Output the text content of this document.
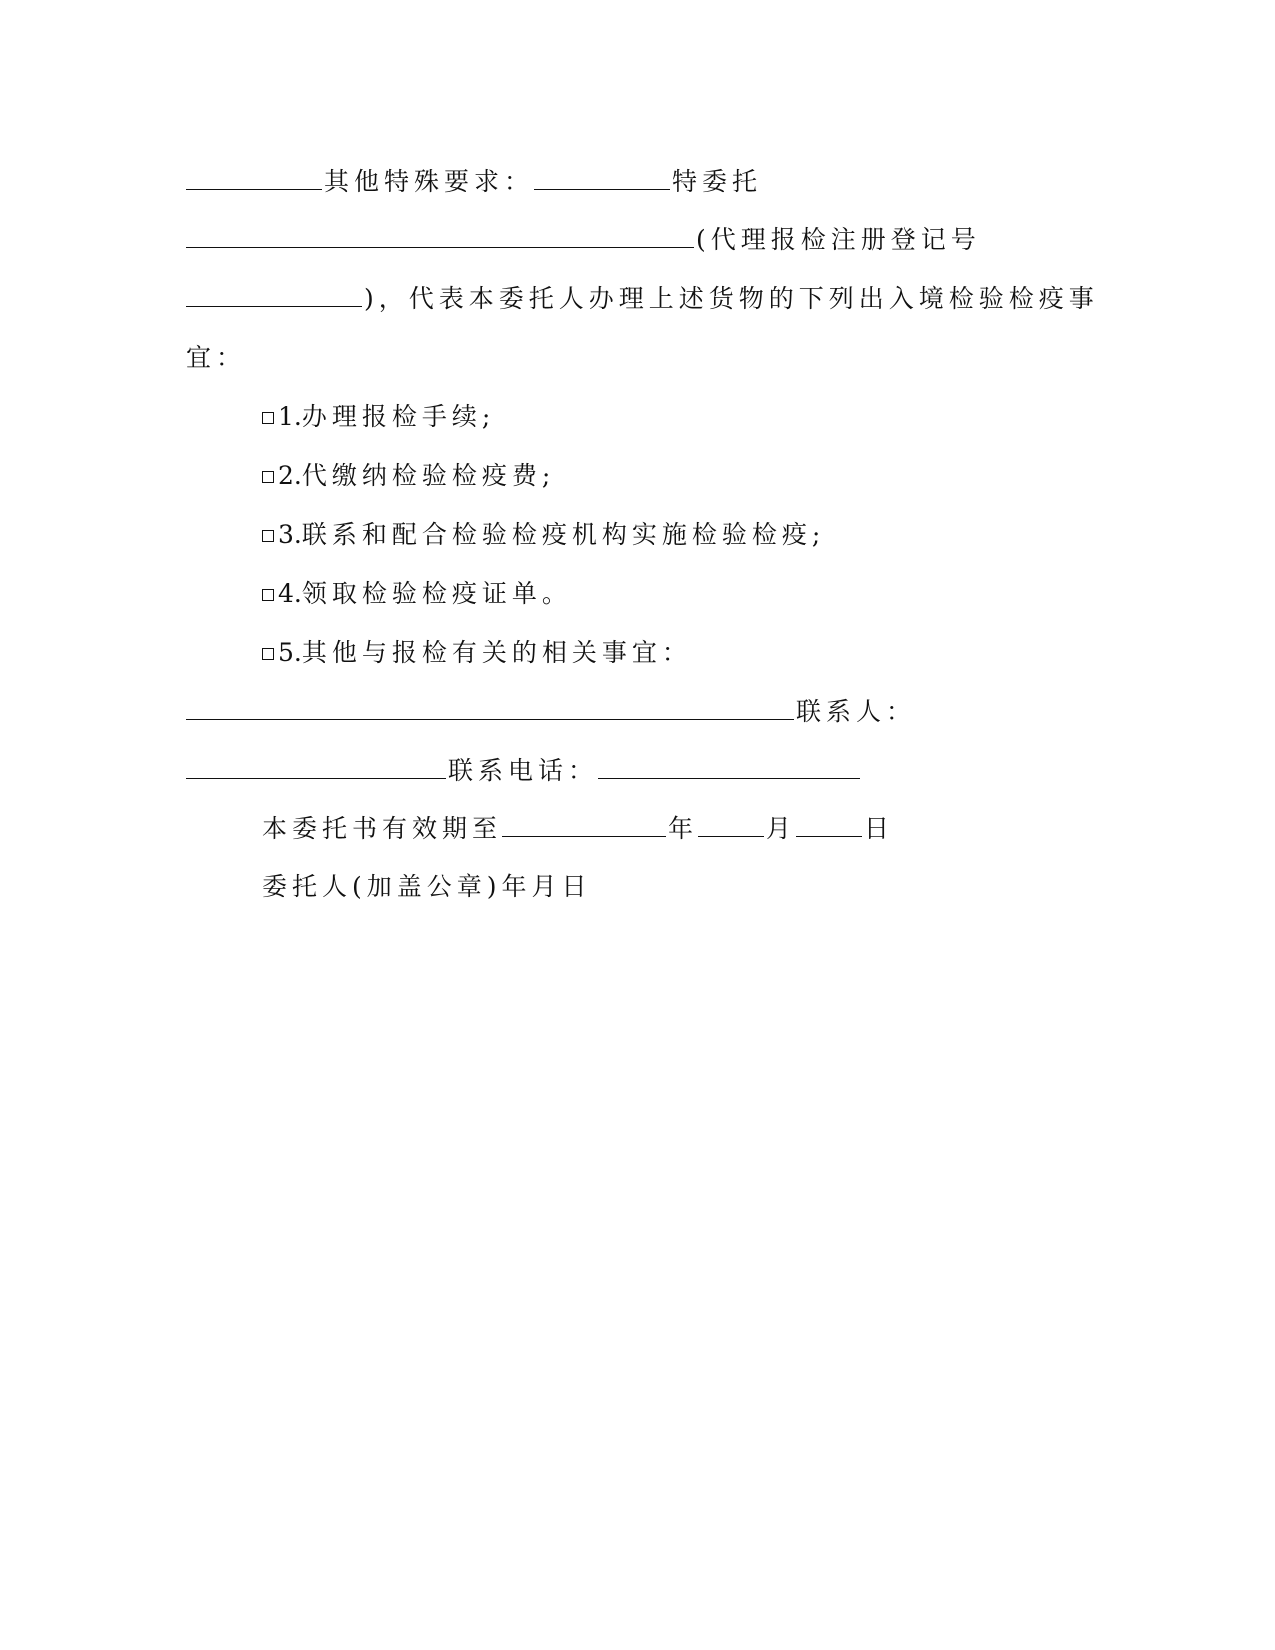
其他特殊要求：	特委托
(代理报检注册登记号
)，代表本委托人办理上述货物的下列出入境检验检疫事
宜：
1.办理报检手续;
2.代缴纳检验检疫费;
3.联系和配合检验检疫机构实施检验检疫;
4.领取检验检疫证单。
5.其他与报检有关的相关事宜：
联系人：
联系电话：
本委托书有效期至	年	月	日
委托人(加盖公章)年月日
